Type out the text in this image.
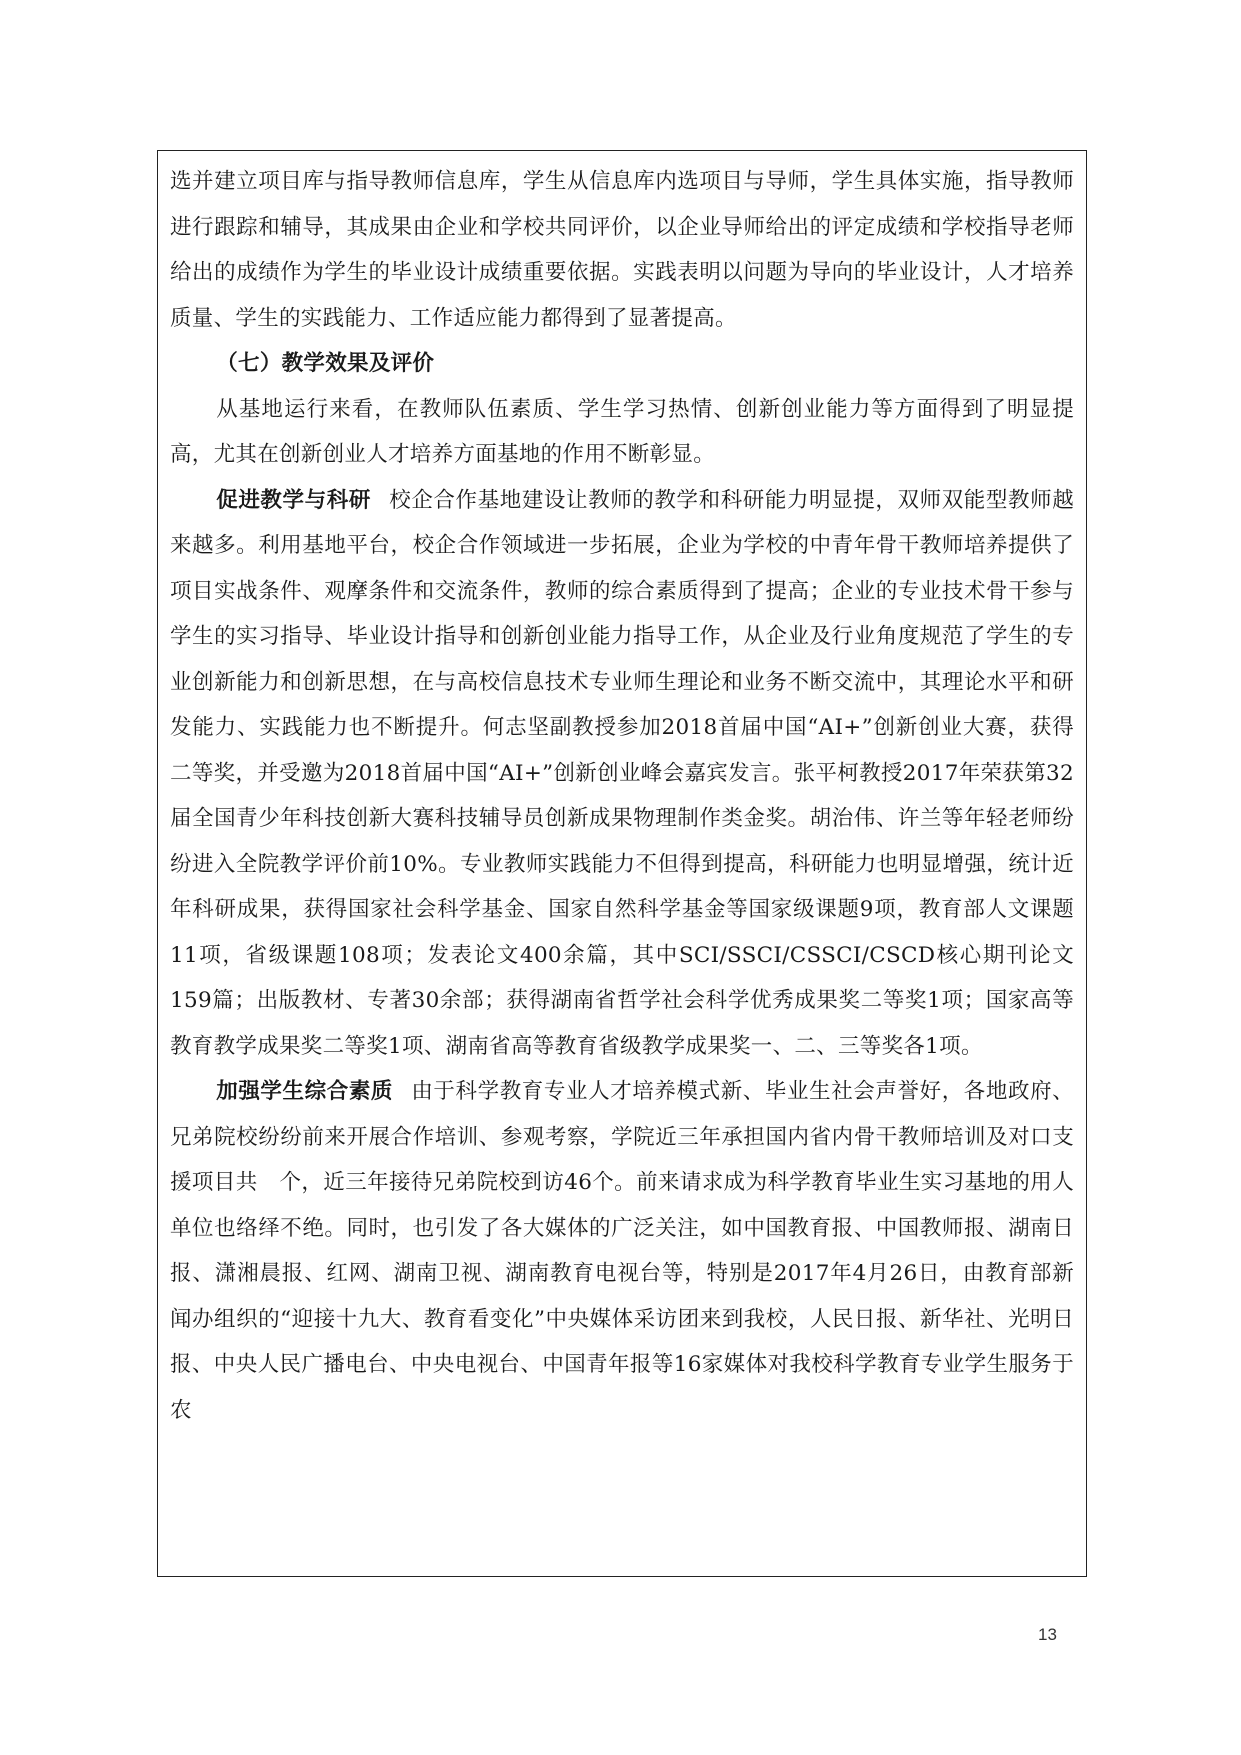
选并建立项目库与指导教师信息库，学生从信息库内选项目与导师，学生具体实施，指导教师进行跟踪和辅导，其成果由企业和学校共同评价，以企业导师给出的评定成绩和学校指导老师给出的成绩作为学生的毕业设计成绩重要依据。实践表明以问题为导向的毕业设计，人才培养质量、学生的实践能力、工作适应能力都得到了显著提高。

（七）教学效果及评价

从基地运行来看，在教师队伍素质、学生学习热情、创新创业能力等方面得到了明显提高，尤其在创新创业人才培养方面基地的作用不断彰显。

促进教学与科研 校企合作基地建设让教师的教学和科研能力明显提，双师双能型教师越来越多。利用基地平台，校企合作领域进一步拓展，企业为学校的中青年骨干教师培养提供了项目实战条件、观摩条件和交流条件，教师的综合素质得到了提高；企业的专业技术骨干参与学生的实习指导、毕业设计指导和创新创业能力指导工作，从企业及行业角度规范了学生的专业创新能力和创新思想，在与高校信息技术专业师生理论和业务不断交流中，其理论水平和研发能力、实践能力也不断提升。何志坚副教授参加2018首届中国“AI+”创新创业大赛，获得二等奖，并受邀为2018首届中国“AI+”创新创业峰会嘉宾发言。张平柯教授2017年荣获第32届全国青少年科技创新大赛科技辅导员创新成果物理制作类金奖。胡治伟、许兰等年轻老师纷纷进入全院教学评价前10%。专业教师实践能力不但得到提高，科研能力也明显增强，统计近年科研成果，获得国家社会科学基金、国家自然科学基金等国家级课题9项，教育部人文课题11项，省级课题108项；发表论文400余篇，其中SCI/SSCI/CSSCI/CSCD核心期刊论文159篇；出版教材、专著30余部；获得湖南省哲学社会科学优秀成果奖二等奖1项；国家高等教育教学成果奖二等奖1项、湖南省高等教育省级教学成果奖一、二、三等奖各1项。

加强学生综合素质 由于科学教育专业人才培养模式新、毕业生社会声誉好，各地政府、兄弟院校纷纷前来开展合作培训、参观考察，学院近三年承担国内省内骨干教师培训及对口支援项目共　个，近三年接待兄弟院校到访46个。前来请求成为科学教育毕业生实习基地的用人单位也络绎不绝。同时，也引发了各大媒体的广泛关注，如中国教育报、中国教师报、湖南日报、潇湘晨报、红网、湖南卫视、湖南教育电视台等，特别是2017年4月26日，由教育部新闻办组织的“迎接十九大、教育看变化”中央媒体采访团来到我校，人民日报、新华社、光明日报、中央人民广播电台、中央电视台、中国青年报等16家媒体对我校科学教育专业学生服务于农

13
